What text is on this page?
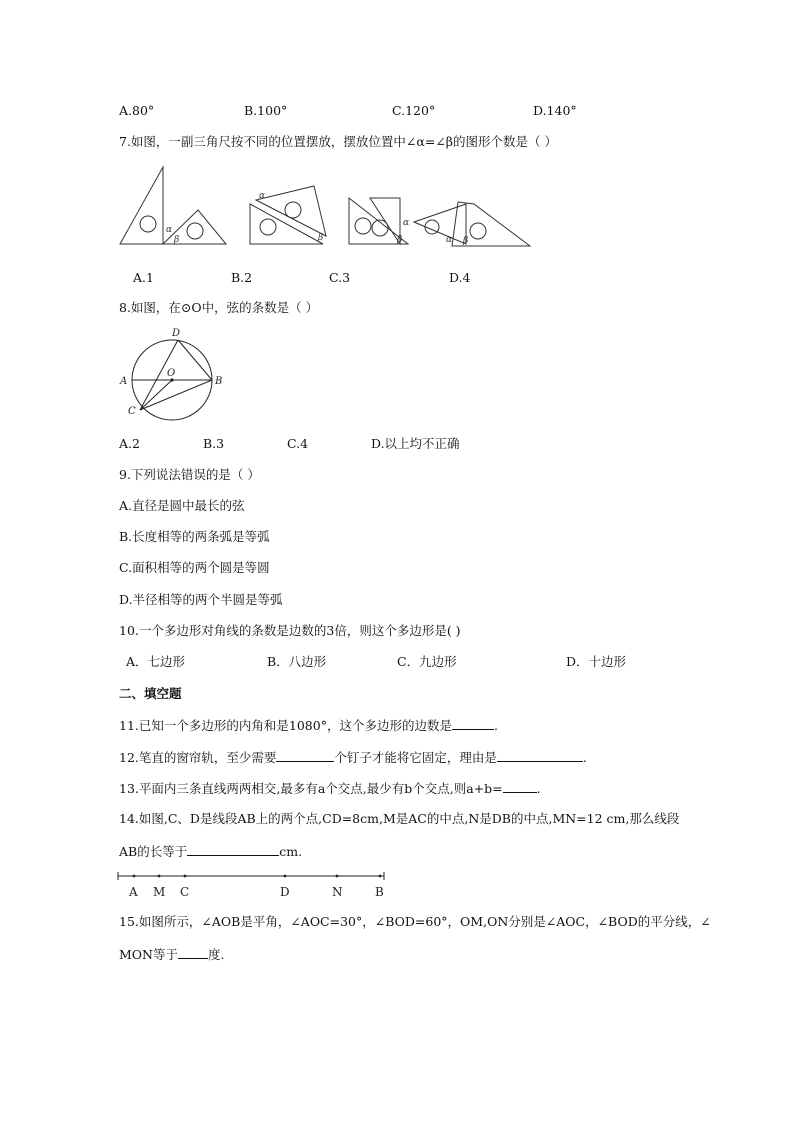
A.80°	B.100°	C.120°	D.140°
7.如图，一副三角尺按不同的位置摆放，摆放位置中∠α=∠β的图形个数是（ ）
α
β
α
β
α
β	α β
A.1	B.2	C.3	D.4
8.如图，在⊙O中，弦的条数是（ ）
A	B
C
D
O
A.2	B.3	C.4	D.以上均不正确
9.下列说法错误的是（ ）
A.直径是圆中最长的弦
B.长度相等的两条弧是等弧
C.面积相等的两个圆是等圆
D.半径相等的两个半圆是等弧
10.一个多边形对角线的条数是边数的3倍，则这个多边形是( )
A．七边形	B．八边形	C．九边形	D．十边形
二、填空题
11.已知一个多边形的内角和是1080°，这个多边形的边数是	.
12.笔直的窗帘轨，至少需要	个钉子才能将它固定，理由是	.
13.平面内三条直线两两相交,最多有a个交点,最少有b个交点,则a+b=	.
14.如图,C、D是线段AB上的两个点,CD=8cm,M是AC的中点,N是DB的中点,MN=12 cm,那么线段
AB的长等于	cm.
A M C	D	N	B
15.如图所示，∠AOB是平角，∠AOC=30°，∠BOD=60°，OM,ON分别是∠AOC，∠BOD的平分线，∠
MON等于 度.
